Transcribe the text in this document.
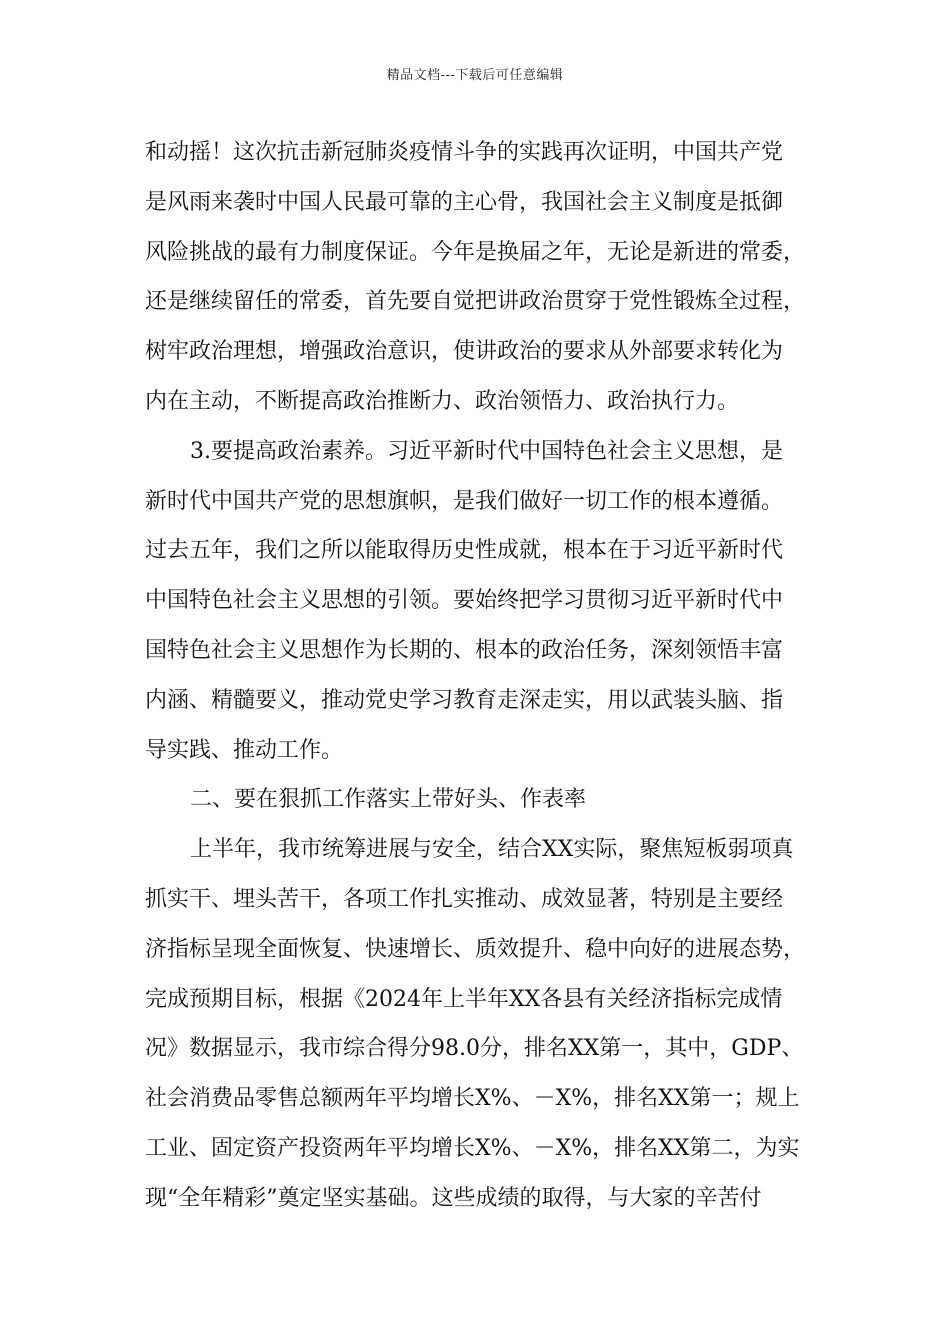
精品文档---下载后可任意编辑
和动摇！这次抗击新冠肺炎疫情斗争的实践再次证明，中国共产党
是风雨来袭时中国人民最可靠的主心骨，我国社会主义制度是抵御
风险挑战的最有力制度保证。今年是换届之年，无论是新进的常委，
还是继续留任的常委，首先要自觉把讲政治贯穿于党性锻炼全过程，
树牢政治理想，增强政治意识，使讲政治的要求从外部要求转化为
内在主动，不断提高政治推断力、政治领悟力、政治执行力。
3.要提高政治素养。习近平新时代中国特色社会主义思想，是
新时代中国共产党的思想旗帜，是我们做好一切工作的根本遵循。
过去五年，我们之所以能取得历史性成就，根本在于习近平新时代
中国特色社会主义思想的引领。要始终把学习贯彻习近平新时代中
国特色社会主义思想作为长期的、根本的政治任务，深刻领悟丰富
内涵、精髓要义，推动党史学习教育走深走实，用以武装头脑、指
导实践、推动工作。
二、要在狠抓工作落实上带好头、作表率
上半年，我市统筹进展与安全，结合XX实际，聚焦短板弱项真
抓实干、埋头苦干，各项工作扎实推动、成效显著，特别是主要经
济指标呈现全面恢复、快速增长、质效提升、稳中向好的进展态势，
完成预期目标，根据《2024年上半年XX各县有关经济指标完成情
况》数据显示，我市综合得分98.0分，排名XX第一，其中，GDP、
社会消费品零售总额两年平均增长X%、－X%，排名XX第一；规上
工业、固定资产投资两年平均增长X%、－X%，排名XX第二，为实
现“全年精彩”奠定坚实基础。这些成绩的取得，与大家的辛苦付
